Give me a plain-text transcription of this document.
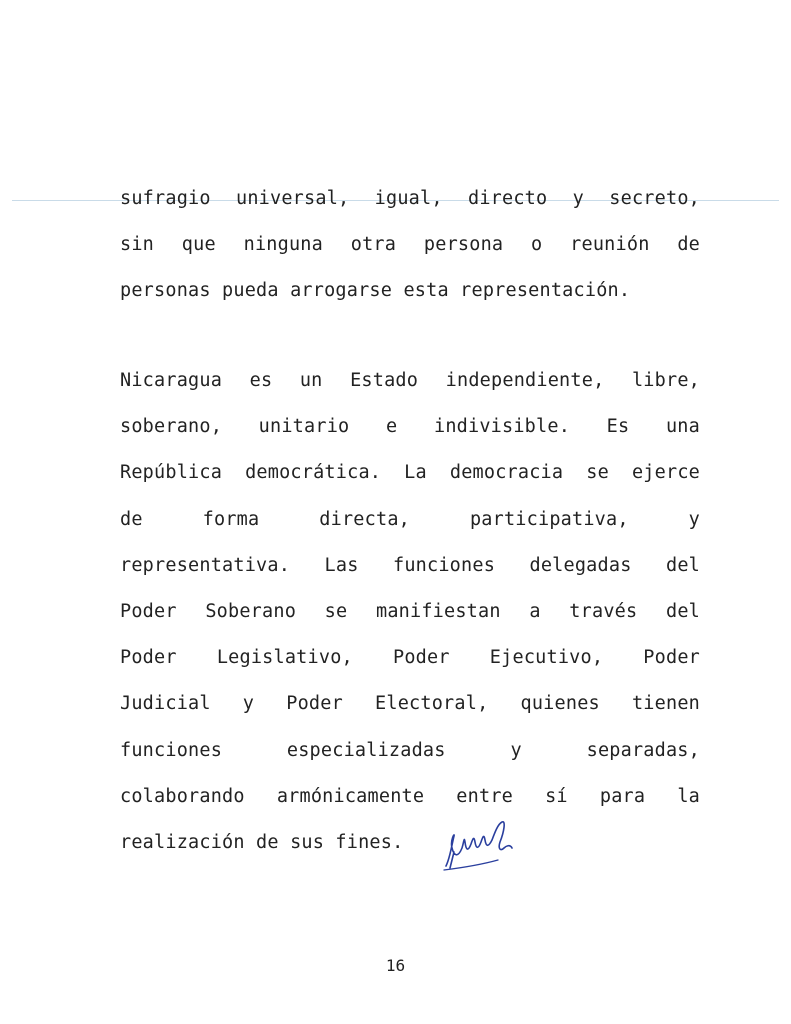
sufragio universal, igual, directo y secreto,
sin que ninguna otra persona o reunión de
personas pueda arrogarse esta representación.
Nicaragua es un Estado independiente, libre,
soberano, unitario e indivisible. Es una
República democrática. La democracia se ejerce
de forma directa, participativa, y
representativa. Las funciones delegadas del
Poder Soberano se manifiestan a través del
Poder Legislativo, Poder Ejecutivo, Poder
Judicial y Poder Electoral, quienes tienen
funciones especializadas y separadas,
colaborando armónicamente entre sí para la
realización de sus fines.
16
